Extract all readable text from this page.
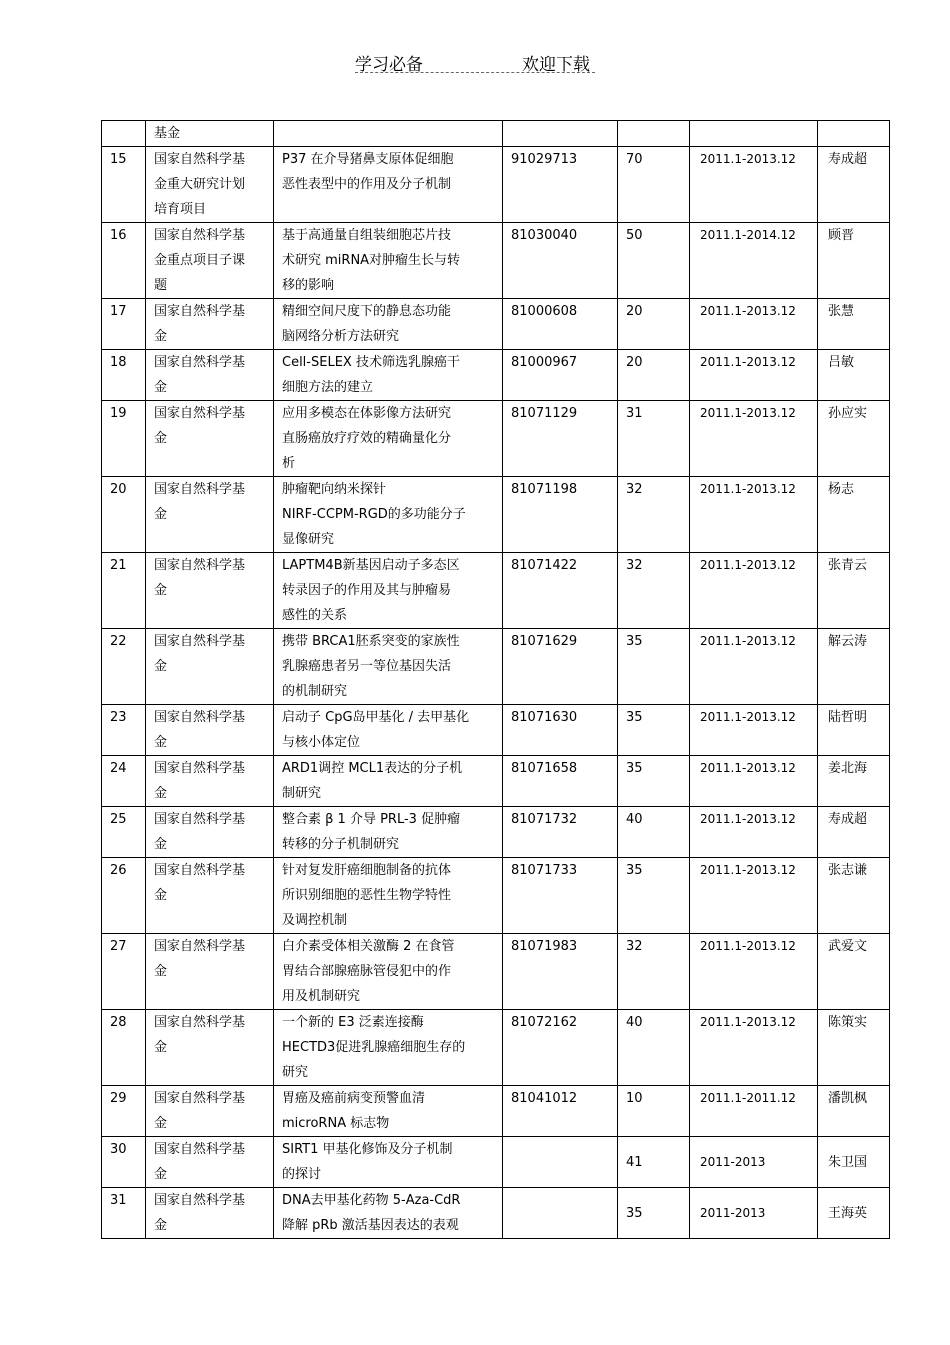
学习必备	欢迎下载
	基金					
15	国家自然科学基
金重大研究计划
培育项目	P37 在介导猪鼻支原体促细胞
恶性表型中的作用及分子机制	91029713	70	2011.1-2013.12	寿成超
16	国家自然科学基
金重点项目子课
题	基于高通量自组装细胞芯片技
术研究 miRNA对肿瘤生长与转
移的影响	81030040	50	2011.1-2014.12	顾晋
17	国家自然科学基
金	精细空间尺度下的静息态功能
脑网络分析方法研究	81000608	20	2011.1-2013.12	张慧
18	国家自然科学基
金	Cell-SELEX 技术筛选乳腺癌干
细胞方法的建立	81000967	20	2011.1-2013.12	吕敏
19	国家自然科学基
金	应用多模态在体影像方法研究
直肠癌放疗疗效的精确量化分
析	81071129	31	2011.1-2013.12	孙应实
20	国家自然科学基
金	肿瘤靶向纳米探针
NIRF-CCPM-RGD的多功能分子
显像研究	81071198	32	2011.1-2013.12	杨志
21	国家自然科学基
金	LAPTM4B新基因启动子多态区
转录因子的作用及其与肿瘤易
感性的关系	81071422	32	2011.1-2013.12	张青云
22	国家自然科学基
金	携带 BRCA1胚系突变的家族性
乳腺癌患者另一等位基因失活
的机制研究	81071629	35	2011.1-2013.12	解云涛
23	国家自然科学基
金	启动子 CpG岛甲基化 / 去甲基化
与核小体定位	81071630	35	2011.1-2013.12	陆哲明
24	国家自然科学基
金	ARD1调控 MCL1表达的分子机
制研究	81071658	35	2011.1-2013.12	姜北海
25	国家自然科学基
金	整合素 β 1 介导 PRL-3 促肿瘤
转移的分子机制研究	81071732	40	2011.1-2013.12	寿成超
26	国家自然科学基
金	针对复发肝癌细胞制备的抗体
所识别细胞的恶性生物学特性
及调控机制	81071733	35	2011.1-2013.12	张志谦
27	国家自然科学基
金	白介素受体相关激酶 2 在食管
胃结合部腺癌脉管侵犯中的作
用及机制研究	81071983	32	2011.1-2013.12	武爱文
28	国家自然科学基
金	一个新的 E3 泛素连接酶
HECTD3促进乳腺癌细胞生存的
研究	81072162	40	2011.1-2013.12	陈策实
29	国家自然科学基
金	胃癌及癌前病变预警血清
microRNA 标志物	81041012	10	2011.1-2011.12	潘凯枫
30	国家自然科学基
金	SIRT1 甲基化修饰及分子机制
的探讨		41	2011-2013	朱卫国
31	国家自然科学基
金	DNA去甲基化药物 5-Aza-CdR
降解 pRb 激活基因表达的表观		35	2011-2013	王海英
